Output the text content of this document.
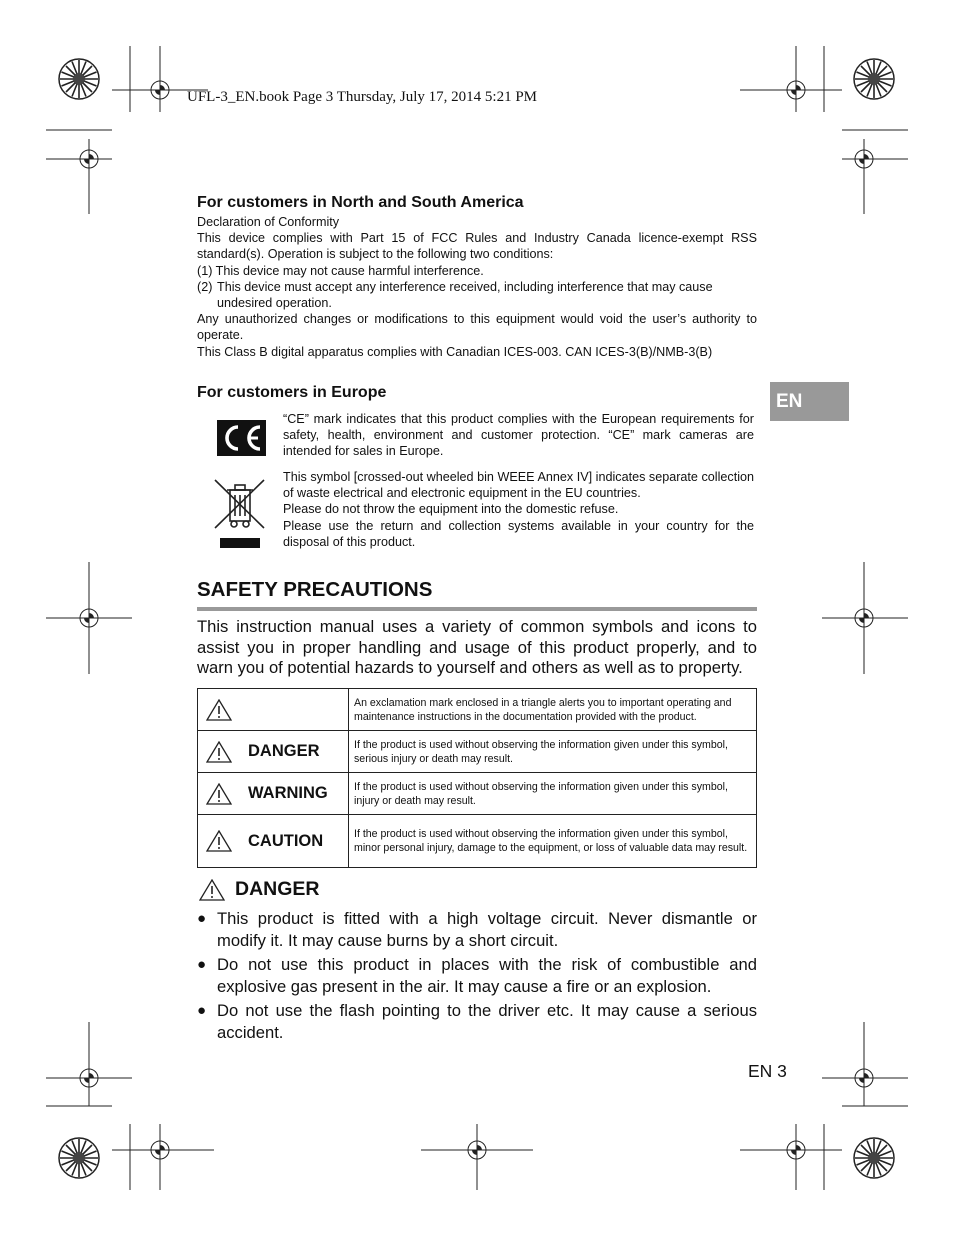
UFL-3_EN.book Page 3 Thursday, July 17, 2014 5:21 PM
EN
For customers in North and South America
Declaration of Conformity
This device complies with Part 15 of FCC Rules and Industry Canada licence-exempt RSS standard(s). Operation is subject to the following two conditions:
(1) This device may not cause harmful interference.
(2) This device must accept any interference received, including interference that may cause undesired operation.
Any unauthorized changes or modifications to this equipment would void the user’s authority to operate.
This Class B digital apparatus complies with Canadian ICES-003. CAN ICES-3(B)/NMB-3(B)
For customers in Europe
“CE” mark indicates that this product complies with the European requirements for safety, health, environment and customer protection. “CE” mark cameras are intended for sales in Europe.
This symbol [crossed-out wheeled bin WEEE Annex IV] indicates separate collection of waste electrical and electronic equipment in the EU countries.
Please do not throw the equipment into the domestic refuse.
Please use the return and collection systems available in your country for the disposal of this product.
SAFETY PRECAUTIONS
This instruction manual uses a variety of common symbols and icons to assist you in proper handling and usage of this product properly, and to warn you of potential hazards to yourself and others as well as to property.
	An exclamation mark enclosed in a triangle alerts you to important operating and maintenance instructions in the documentation provided with the product.

DANGER	If the product is used without observing the information given under this symbol, serious injury or death may result.

WARNING	If the product is used without observing the information given under this symbol, injury or death may result.

CAUTION	If the product is used without observing the information given under this symbol, minor personal injury, damage to the equipment, or loss of valuable data may result.
DANGER
● This product is fitted with a high voltage circuit. Never dismantle or modify it. It may cause burns by a short circuit.
● Do not use this product in places with the risk of combustible and explosive gas present in the air. It may cause a fire or an explosion.
● Do not use the flash pointing to the driver etc. It may cause a serious accident.
EN 3
